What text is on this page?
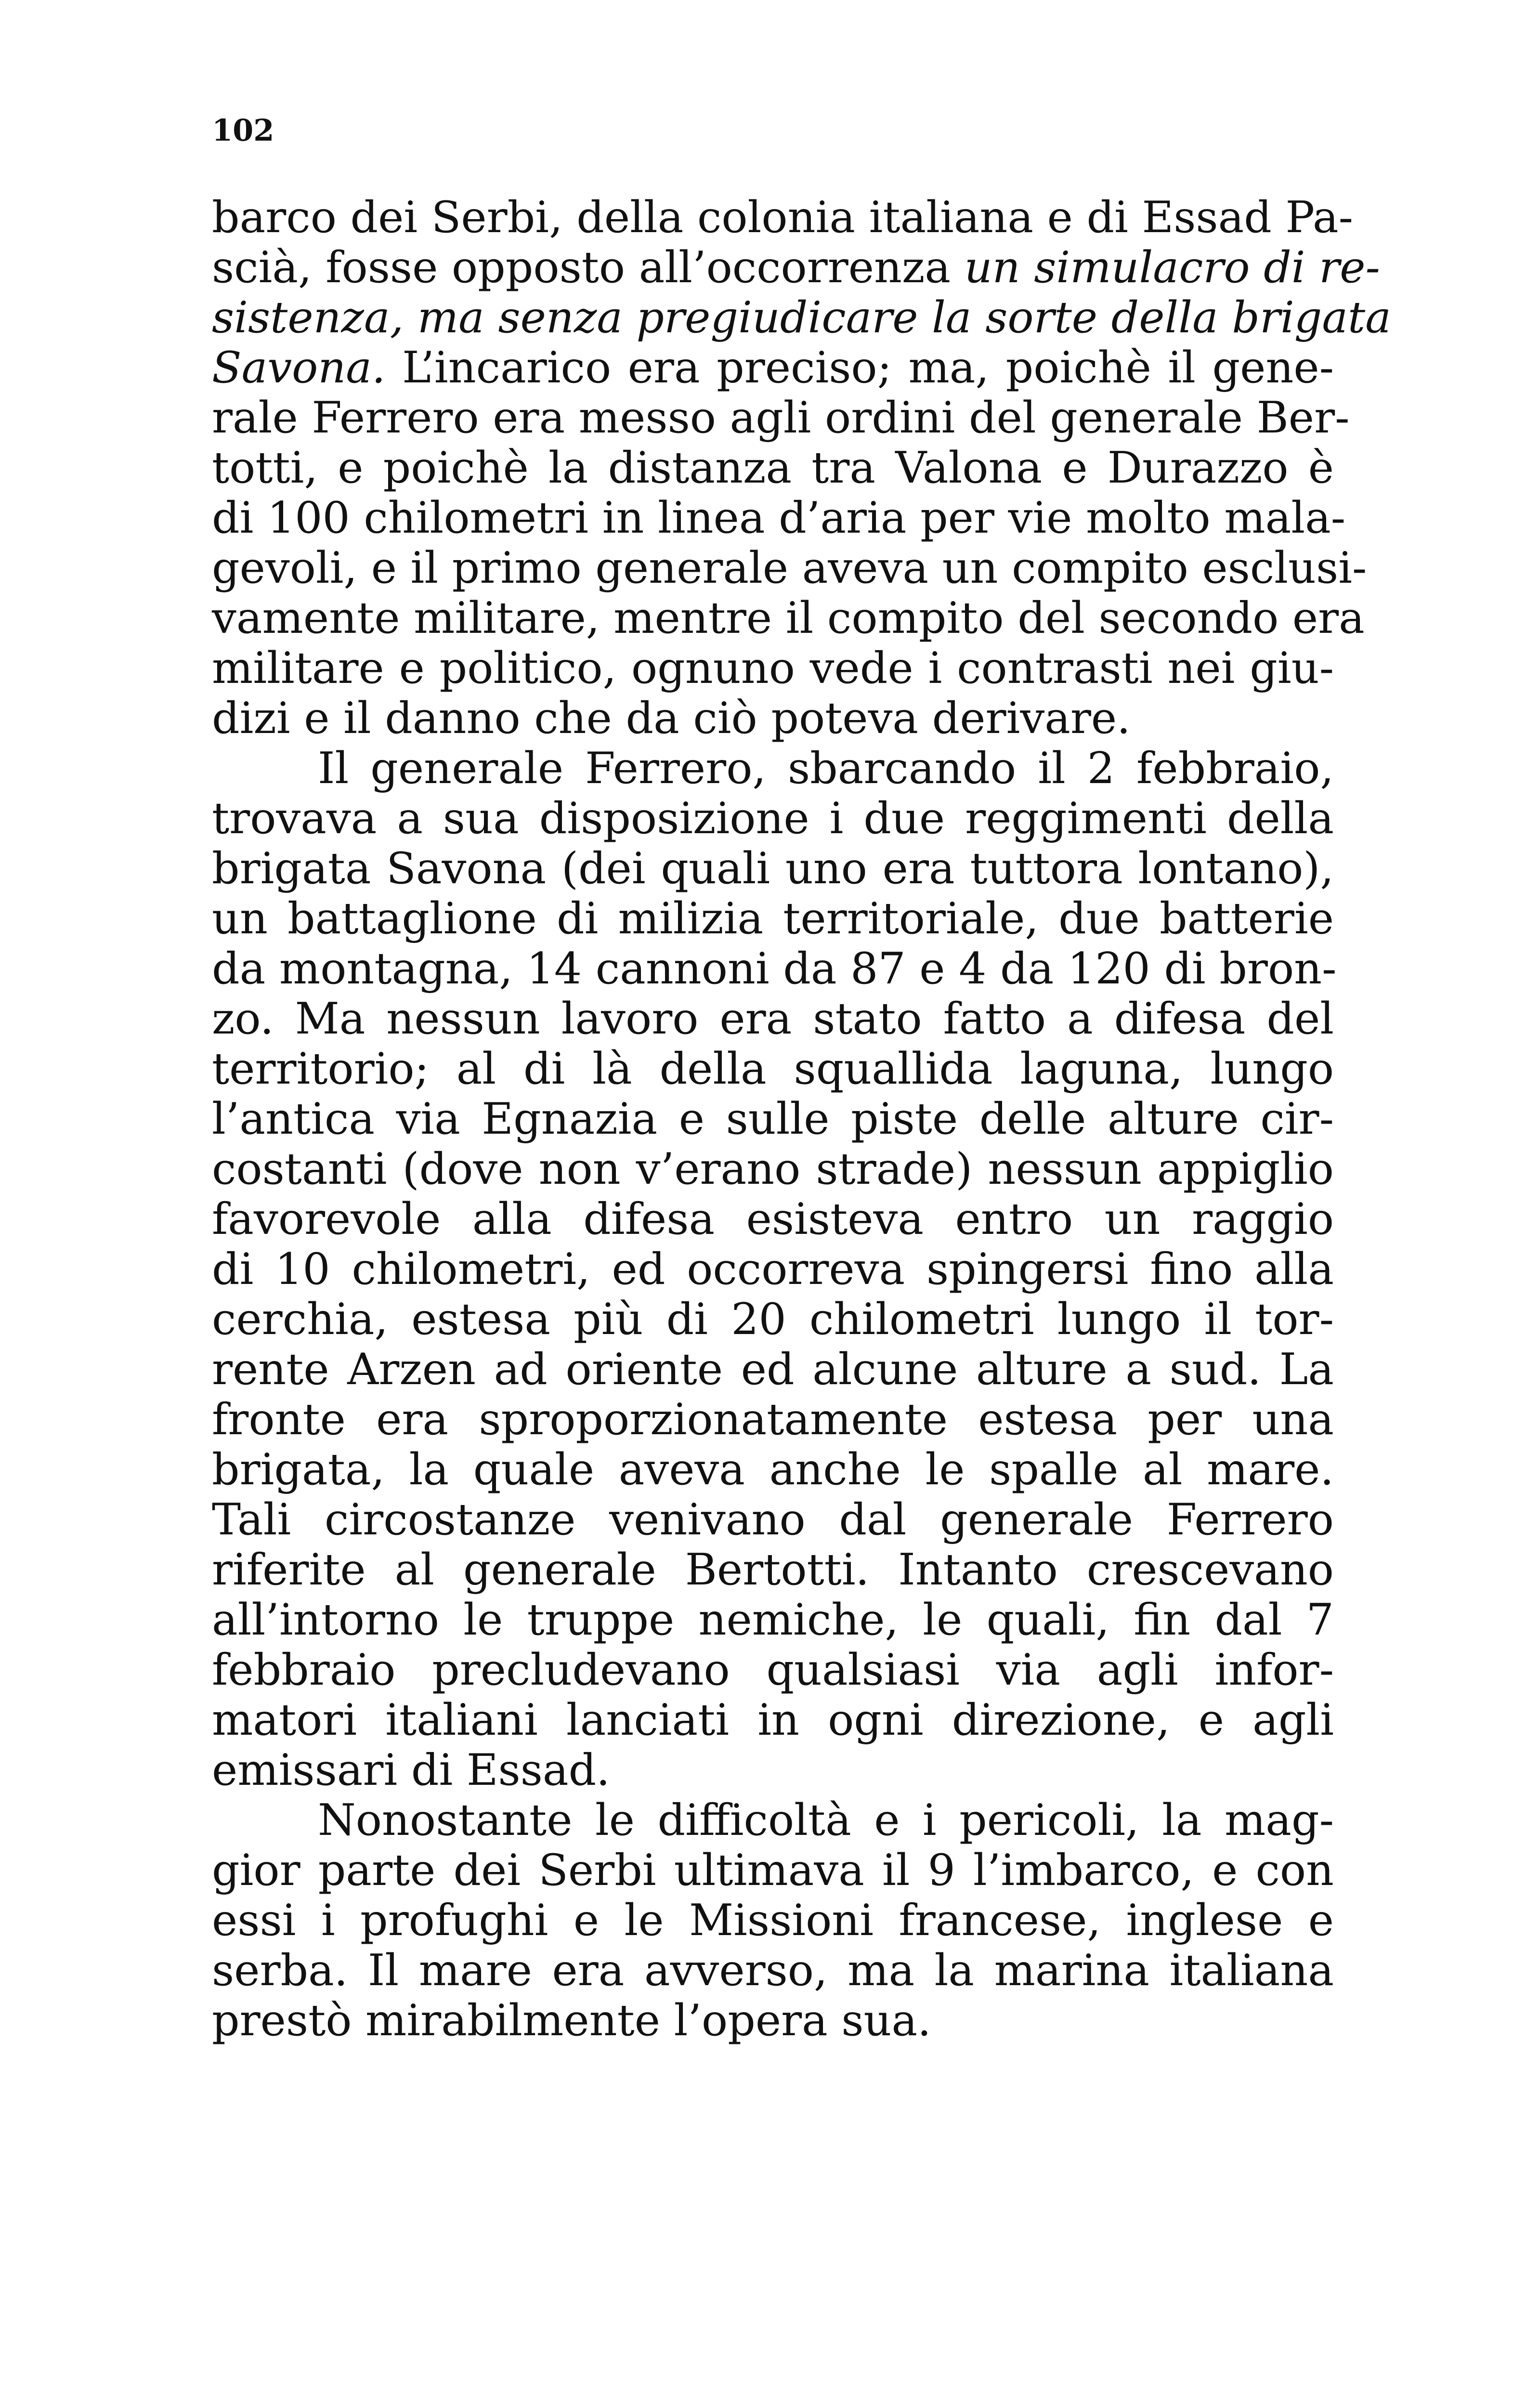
102
barco dei Serbi, della colonia italiana e di Essad Pa-
scià, fosse opposto all’occorrenza un simulacro di re-
sistenza, ma senza pregiudicare la sorte della brigata
Savona. L’incarico era preciso; ma, poichè il gene-
rale Ferrero era messo agli ordini del generale Ber-
totti, e poichè la distanza tra Valona e Durazzo è
di 100 chilometri in linea d’aria per vie molto mala-
gevoli, e il primo generale aveva un compito esclusi-
vamente militare, mentre il compito del secondo era
militare e politico, ognuno vede i contrasti nei giu-
dizi e il danno che da ciò poteva derivare.
Il generale Ferrero, sbarcando il 2 febbraio,
trovava a sua disposizione i due reggimenti della
brigata Savona (dei quali uno era tuttora lontano),
un battaglione di milizia territoriale, due batterie
da montagna, 14 cannoni da 87 e 4 da 120 di bron-
zo. Ma nessun lavoro era stato fatto a difesa del
territorio; al di là della squallida laguna, lungo
l’antica via Egnazia e sulle piste delle alture cir-
costanti (dove non v’erano strade) nessun appiglio
favorevole alla difesa esisteva entro un raggio
di 10 chilometri, ed occorreva spingersi fino alla
cerchia, estesa più di 20 chilometri lungo il tor-
rente Arzen ad oriente ed alcune alture a sud. La
fronte era sproporzionatamente estesa per una
brigata, la quale aveva anche le spalle al mare.
Tali circostanze venivano dal generale Ferrero
riferite al generale Bertotti. Intanto crescevano
all’intorno le truppe nemiche, le quali, fin dal 7
febbraio precludevano qualsiasi via agli infor-
matori italiani lanciati in ogni direzione, e agli
emissari di Essad.
Nonostante le difficoltà e i pericoli, la mag-
gior parte dei Serbi ultimava il 9 l’imbarco, e con
essi i profughi e le Missioni francese, inglese e
serba. Il mare era avverso, ma la marina italiana
prestò mirabilmente l’opera sua.
